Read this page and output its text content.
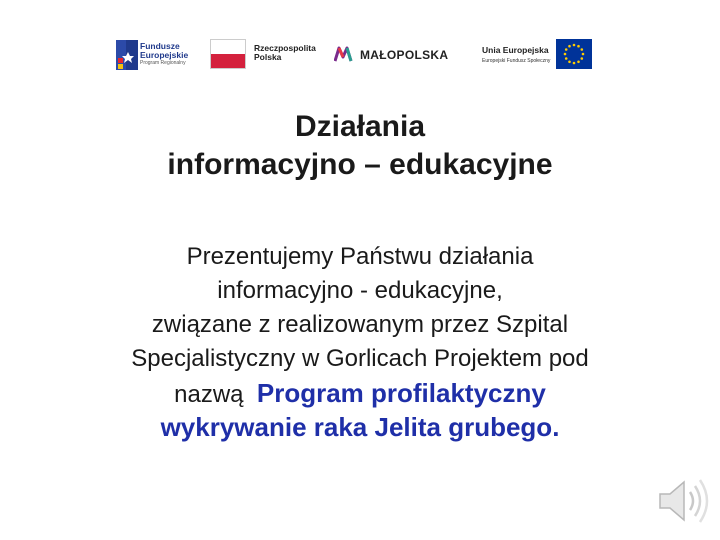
Fundusze
Europejskie
Program Regionalny
Rzeczpospolita
Polska	MAŁOPOLSKA	Unia Europejska
Europejski Fundusz Społeczny
Działania
informacyjno – edukacyjne
Prezentujemy Państwu działania
informacyjno - edukacyjne,
związane z realizowanym przez Szpital
Specjalistyczny w Gorlicach Projektem pod
nazwą Program profilaktyczny
wykrywanie raka Jelita grubego.
